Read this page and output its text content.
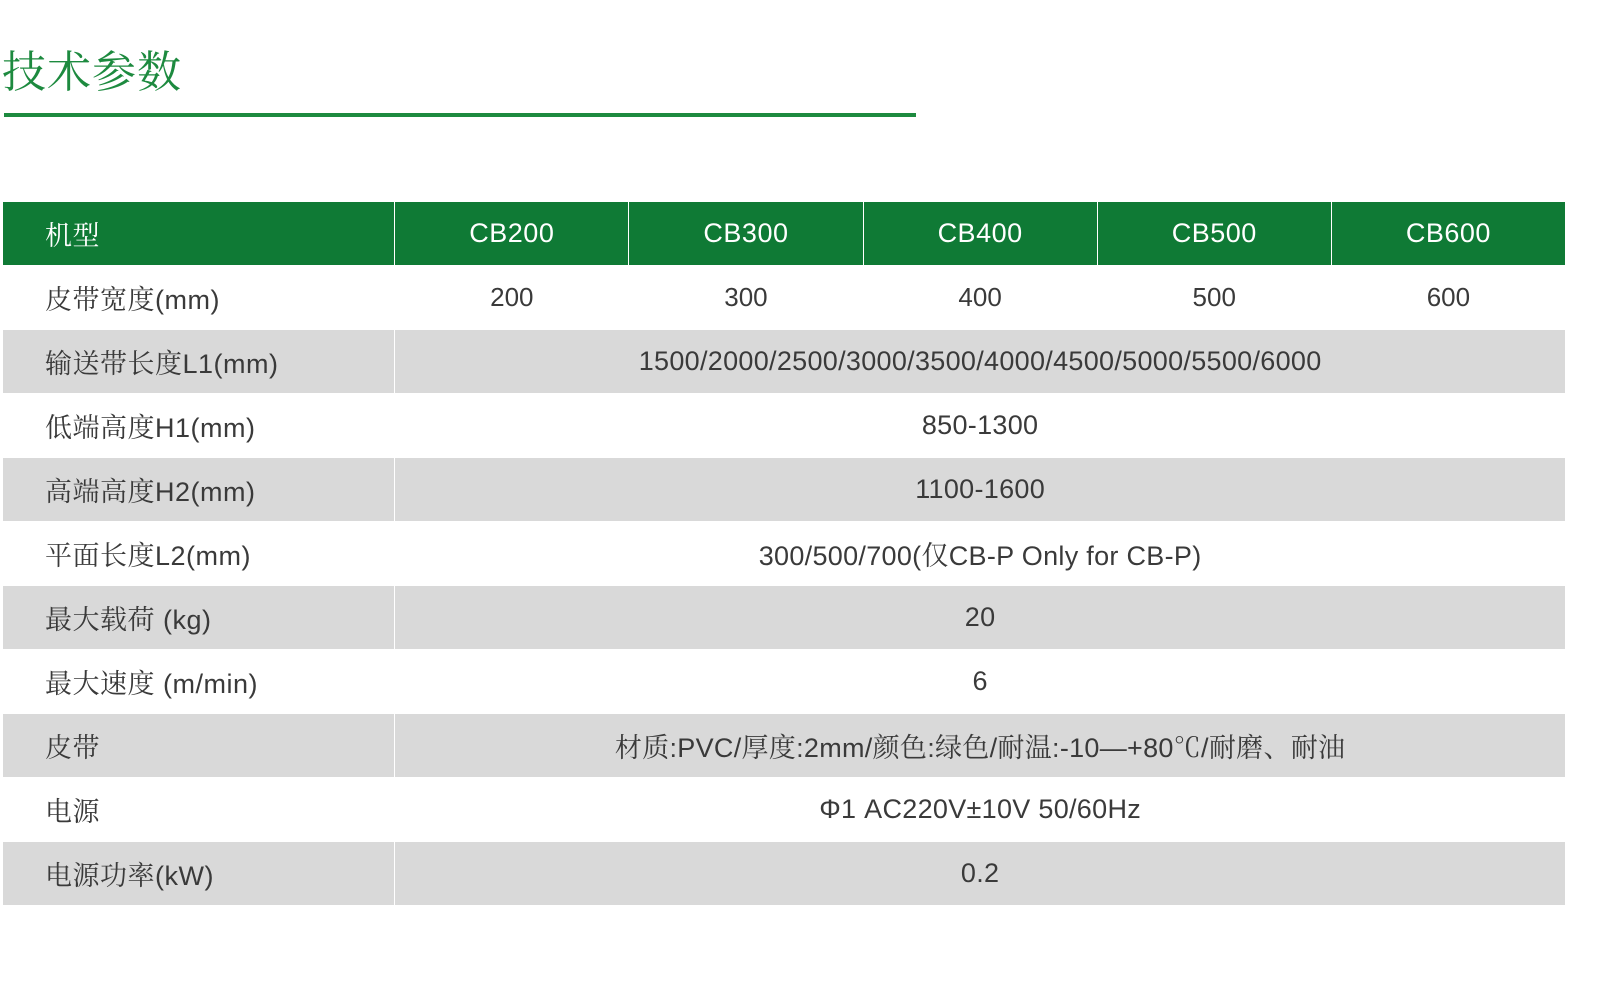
技术参数
机型	CB200	CB300	CB400	CB500	CB600
皮带宽度(mm)	200	300	400	500	600
输送带长度L1(mm)	1500/2000/2500/3000/3500/4000/4500/5000/5500/6000				
低端高度H1(mm)	850-1300				
高端高度H2(mm)	1100-1600				
平面长度L2(mm)	300/500/700(仅CB-P Only for CB-P)				
最大载荷 (kg)	20				
最大速度 (m/min)	6				
皮带	材质:PVC/厚度:2mm/颜色:绿色/耐温:-10—+80℃/耐磨、耐油				
电源	Φ1 AC220V±10V 50/60Hz				
电源功率(kW)	0.2				
